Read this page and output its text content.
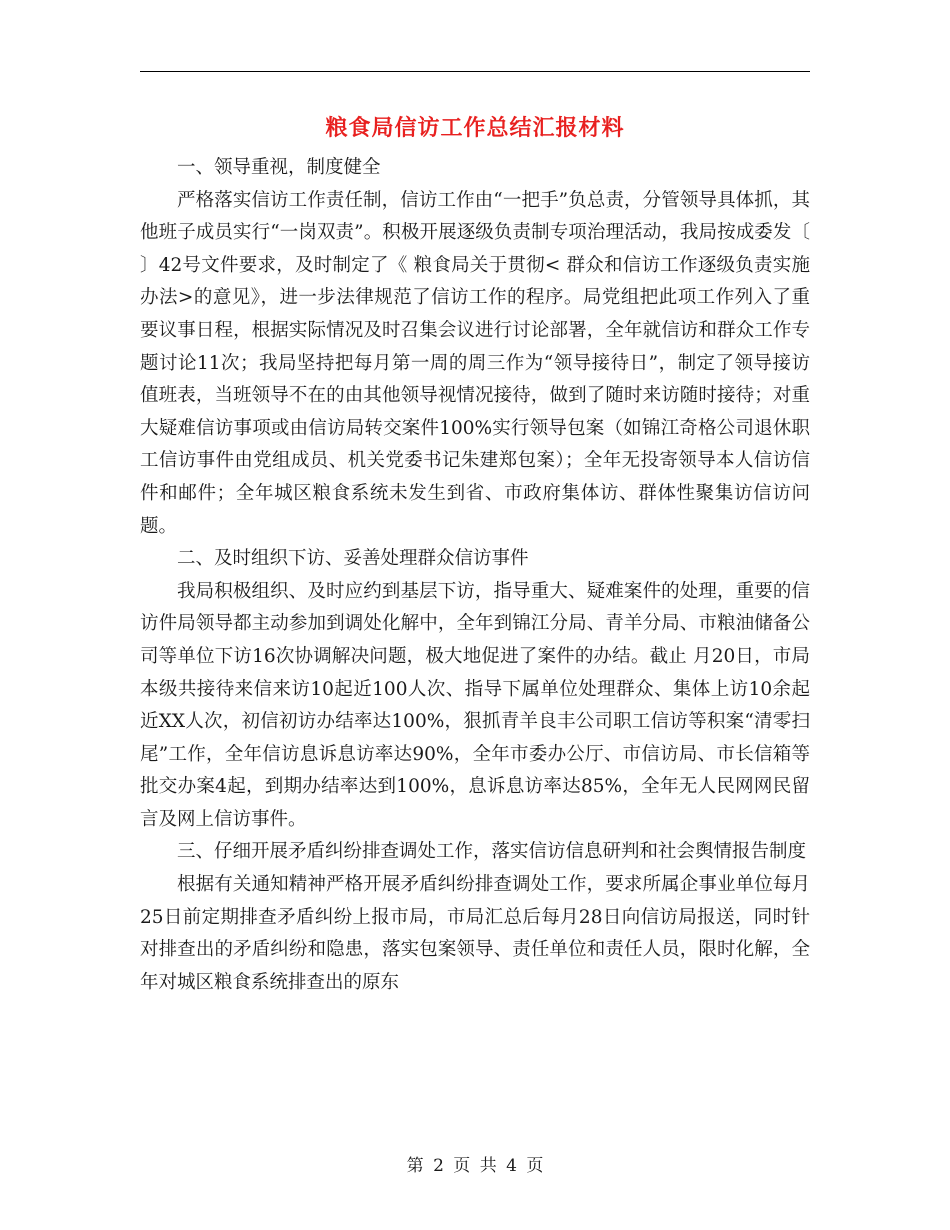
粮食局信访工作总结汇报材料

一、领导重视，制度健全

严格落实信访工作责任制，信访工作由“一把手”负总责，分管领导具体抓，其他班子成员实行“一岗双责”。积极开展逐级负责制专项治理活动，我局按成委发〔 〕42号文件要求，及时制定了《 粮食局关于贯彻< 群众和信访工作逐级负责实施办法>的意见》，进一步法律规范了信访工作的程序。局党组把此项工作列入了重要议事日程，根据实际情况及时召集会议进行讨论部署，全年就信访和群众工作专题讨论11次；我局坚持把每月第一周的周三作为“领导接待日”，制定了领导接访值班表，当班领导不在的由其他领导视情况接待，做到了随时来访随时接待；对重大疑难信访事项或由信访局转交案件100%实行领导包案（如锦江奇格公司退休职工信访事件由党组成员、机关党委书记朱建郑包案）；全年无投寄领导本人信访信件和邮件；全年城区粮食系统未发生到省、市政府集体访、群体性聚集访信访问题。

二、及时组织下访、妥善处理群众信访事件

我局积极组织、及时应约到基层下访，指导重大、疑难案件的处理，重要的信访件局领导都主动参加到调处化解中，全年到锦江分局、青羊分局、市粮油储备公司等单位下访16次协调解决问题，极大地促进了案件的办结。截止 月20日，市局本级共接待来信来访10起近100人次、指导下属单位处理群众、集体上访10余起近XX人次，初信初访办结率达100%，狠抓青羊良丰公司职工信访等积案“清零扫尾”工作，全年信访息诉息访率达90%，全年市委办公厅、市信访局、市长信箱等批交办案4起，到期办结率达到100%，息诉息访率达85%，全年无人民网网民留言及网上信访事件。

三、仔细开展矛盾纠纷排查调处工作，落实信访信息研判和社会舆情报告制度

根据有关通知精神严格开展矛盾纠纷排查调处工作，要求所属企事业单位每月25日前定期排查矛盾纠纷上报市局，市局汇总后每月28日向信访局报送，同时针对排查出的矛盾纠纷和隐患，落实包案领导、责任单位和责任人员，限时化解，全年对城区粮食系统排查出的原东

第 2 页 共 4 页
